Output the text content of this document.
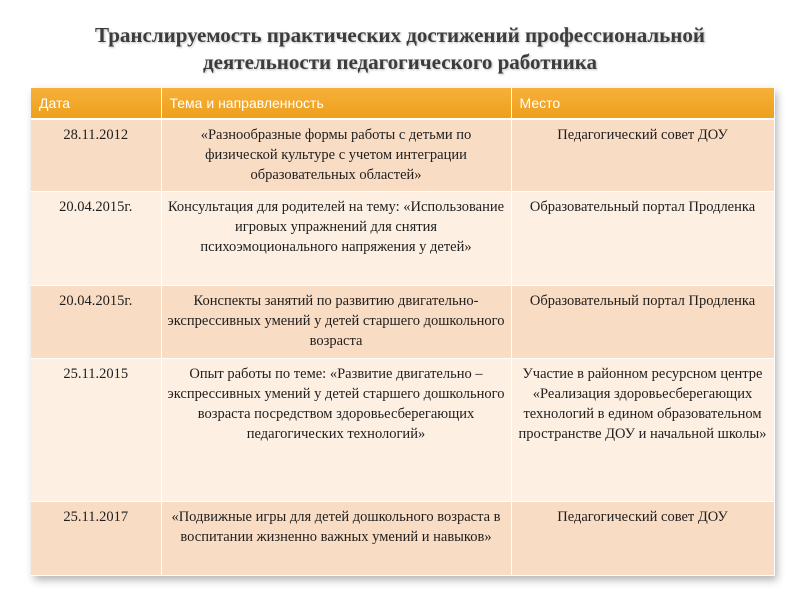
Транслируемость практических достижений профессиональной
деятельности педагогического работника
Дата	Тема и направленность	Место
28.11.2012	«Разнообразные формы работы с детьми по физической культуре с учетом интеграции образовательных областей»	Педагогический совет ДОУ
20.04.2015г.	Консультация для родителей на тему: «Использование игровых упражнений для снятия психоэмоционального напряжения у детей»	Образовательный портал Продленка
20.04.2015г.	Конспекты занятий по развитию двигательно-экспрессивных умений у детей старшего дошкольного возраста	Образовательный портал Продленка
25.11.2015	Опыт работы по теме: «Развитие двигательно – экспрессивных умений у детей старшего дошкольного возраста посредством здоровьесберегающих педагогических технологий»	Участие в районном ресурсном центре «Реализация здоровьесберегающих технологий в едином образовательном пространстве ДОУ и начальной школы»
25.11.2017	«Подвижные игры для детей дошкольного возраста в воспитании жизненно важных умений и навыков»	Педагогический совет ДОУ
